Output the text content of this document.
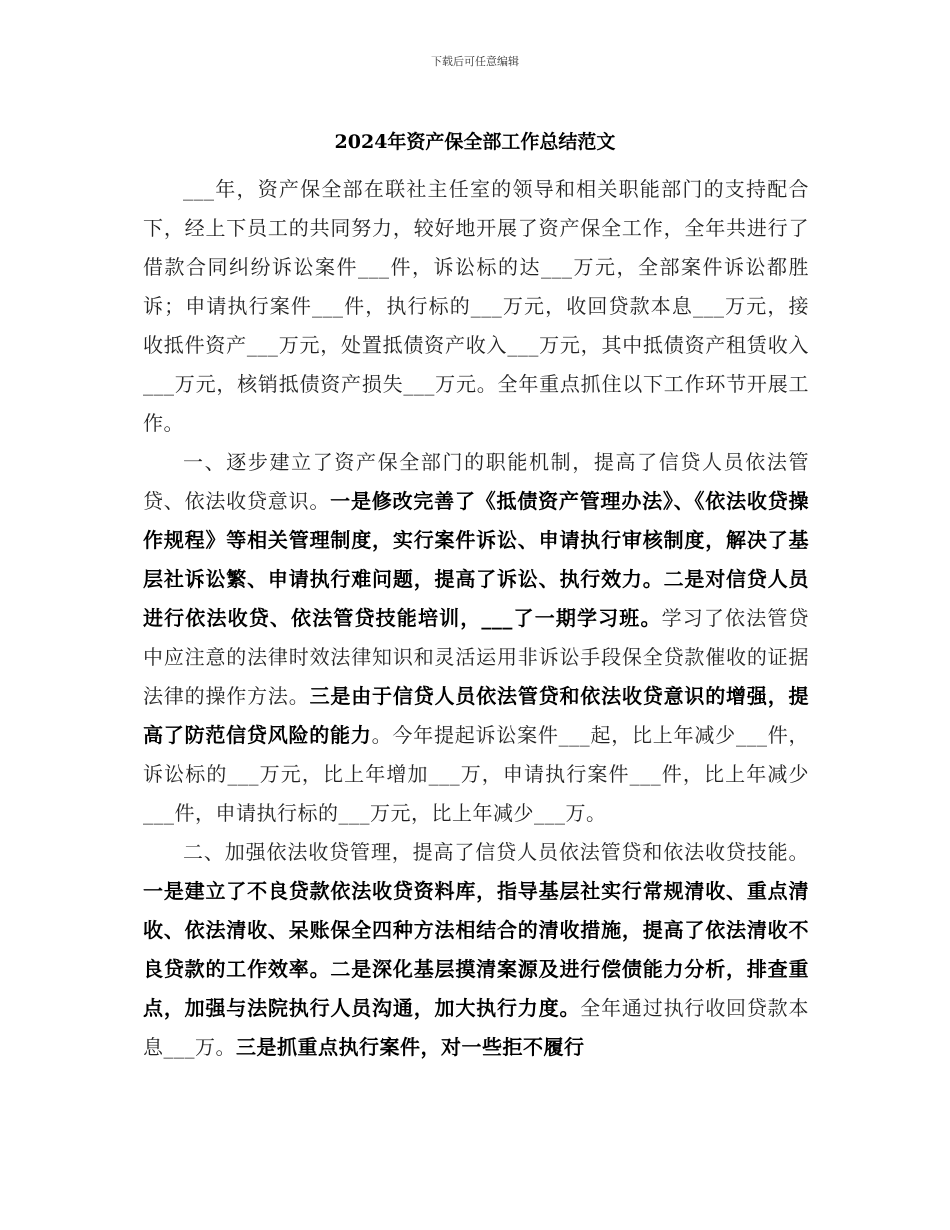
下载后可任意编辑
2024年资产保全部工作总结范文

___年，资产保全部在联社主任室的领导和相关职能部门的支持配合下，经上下员工的共同努力，较好地开展了资产保全工作，全年共进行了借款合同纠纷诉讼案件___件，诉讼标的达___万元，全部案件诉讼都胜诉；申请执行案件___件，执行标的___万元，收回贷款本息___万元，接收抵件资产___万元，处置抵债资产收入___万元，其中抵债资产租赁收入___万元，核销抵债资产损失___万元。全年重点抓住以下工作环节开展工作。

一、逐步建立了资产保全部门的职能机制，提高了信贷人员依法管贷、依法收贷意识。一是修改完善了《抵债资产管理办法》、《依法收贷操作规程》等相关管理制度，实行案件诉讼、申请执行审核制度，解决了基层社诉讼繁、申请执行难问题，提高了诉讼、执行效力。二是对信贷人员进行依法收贷、依法管贷技能培训，___了一期学习班。学习了依法管贷中应注意的法律时效法律知识和灵活运用非诉讼手段保全贷款催收的证据法律的操作方法。三是由于信贷人员依法管贷和依法收贷意识的增强，提高了防范信贷风险的能力。今年提起诉讼案件___起，比上年减少___件，诉讼标的___万元，比上年增加___万，申请执行案件___件，比上年减少___件，申请执行标的___万元，比上年减少___万。

二、加强依法收贷管理，提高了信贷人员依法管贷和依法收贷技能。一是建立了不良贷款依法收贷资料库，指导基层社实行常规清收、重点清收、依法清收、呆账保全四种方法相结合的清收措施，提高了依法清收不良贷款的工作效率。二是深化基层摸清案源及进行偿债能力分析，排查重点，加强与法院执行人员沟通，加大执行力度。全年通过执行收回贷款本息___万。三是抓重点执行案件，对一些拒不履行
